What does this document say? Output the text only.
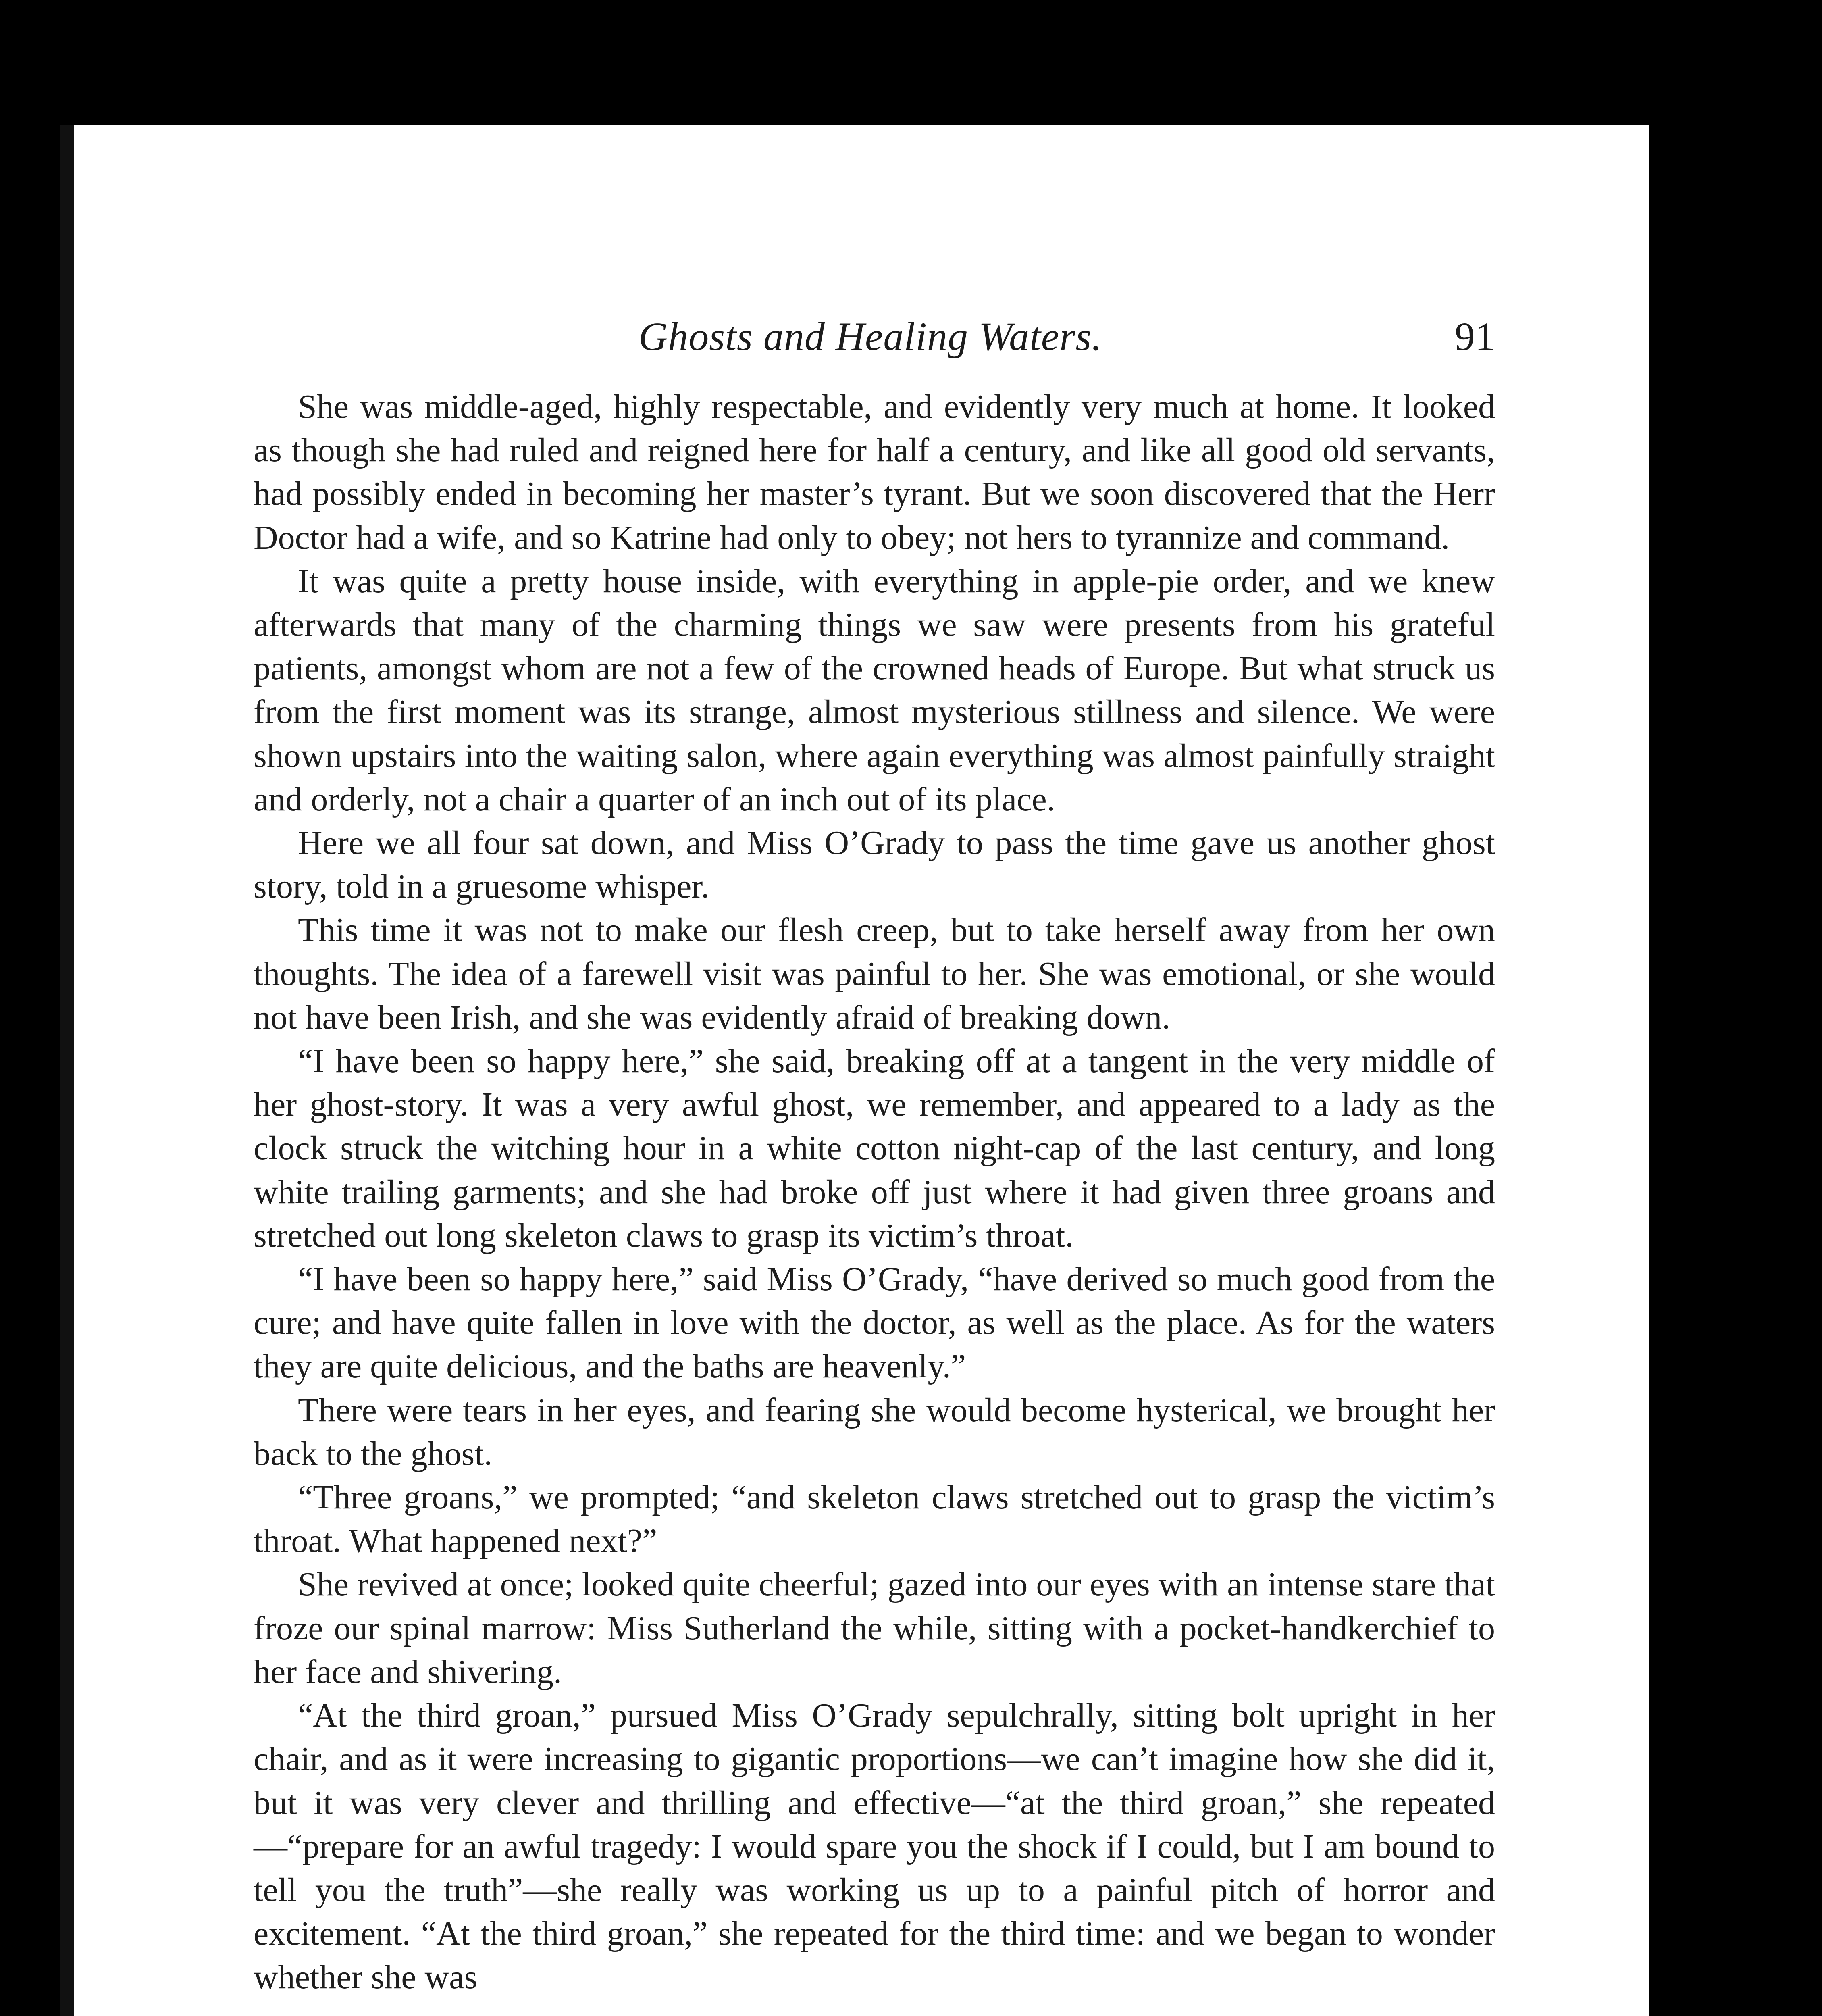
Ghosts and Healing Waters.	91

She was middle-aged, highly respectable, and evidently very much at home. It looked as though she had ruled and reigned here for half a century, and like all good old servants, had possibly ended in becoming her master’s tyrant. But we soon discovered that the Herr Doctor had a wife, and so Katrine had only to obey; not hers to tyrannize and command.

It was quite a pretty house inside, with everything in apple-pie order, and we knew afterwards that many of the charming things we saw were presents from his grateful patients, amongst whom are not a few of the crowned heads of Europe. But what struck us from the first moment was its strange, almost mysterious stillness and silence. We were shown upstairs into the waiting salon, where again everything was almost painfully straight and orderly, not a chair a quarter of an inch out of its place.

Here we all four sat down, and Miss O’Grady to pass the time gave us another ghost story, told in a gruesome whisper.

This time it was not to make our flesh creep, but to take herself away from her own thoughts. The idea of a farewell visit was painful to her. She was emotional, or she would not have been Irish, and she was evidently afraid of breaking down.

“I have been so happy here,” she said, breaking off at a tangent in the very middle of her ghost-story. It was a very awful ghost, we remember, and appeared to a lady as the clock struck the witching hour in a white cotton night-cap of the last century, and long white trailing garments; and she had broke off just where it had given three groans and stretched out long skeleton claws to grasp its victim’s throat.

“I have been so happy here,” said Miss O’Grady, “have derived so much good from the cure; and have quite fallen in love with the doctor, as well as the place. As for the waters they are quite delicious, and the baths are heavenly.”

There were tears in her eyes, and fearing she would become hysterical, we brought her back to the ghost.

“Three groans,” we prompted; “and skeleton claws stretched out to grasp the victim’s throat. What happened next?”

She revived at once; looked quite cheerful; gazed into our eyes with an intense stare that froze our spinal marrow: Miss Sutherland the while, sitting with a pocket-handkerchief to her face and shivering.

“At the third groan,” pursued Miss O’Grady sepulchrally, sitting bolt upright in her chair, and as it were increasing to gigantic proportions—we can’t imagine how she did it, but it was very clever and thrilling and effective—“at the third groan,” she repeated—“prepare for an awful tragedy: I would spare you the shock if I could, but I am bound to tell you the truth”—she really was working us up to a painful pitch of horror and excitement. “At the third groan,” she repeated for the third time: and we began to wonder whether she was
